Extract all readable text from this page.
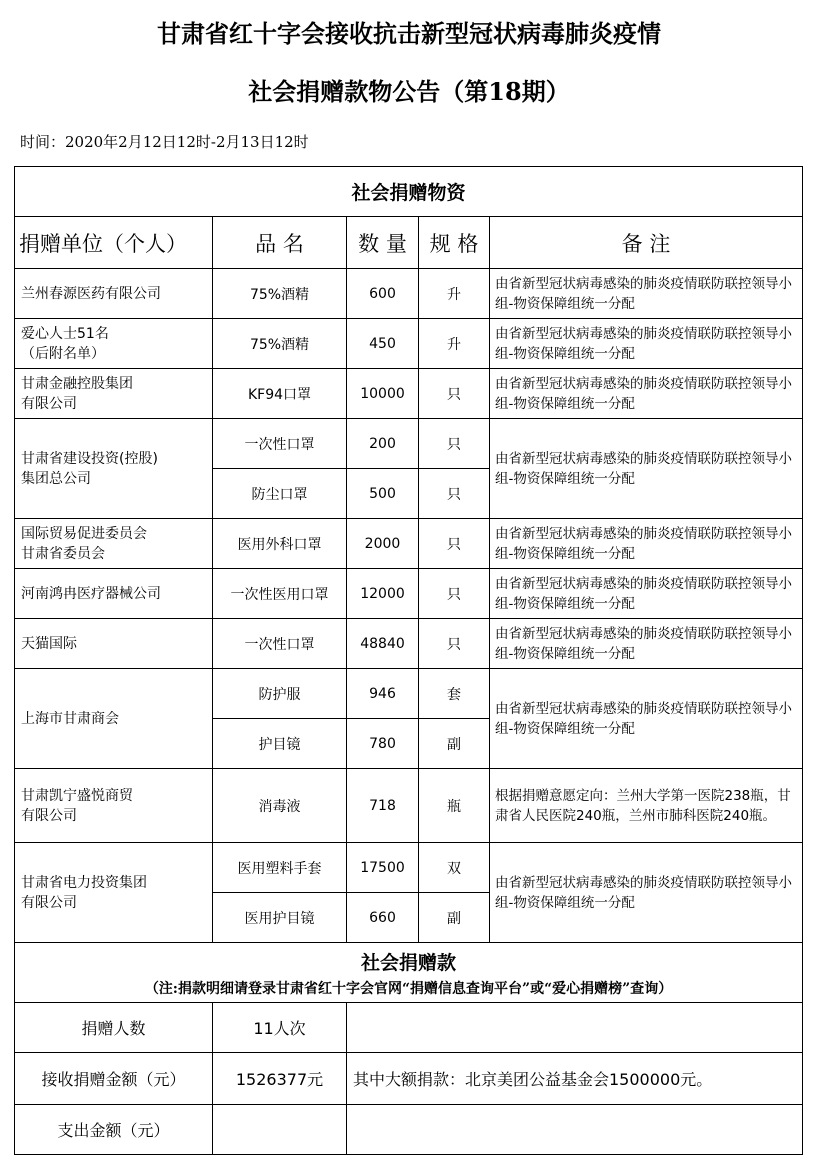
甘肃省红十字会接收抗击新型冠状病毒肺炎疫情
社会捐赠款物公告（第18期）
时间：2020年2月12日12时-2月13日12时
社会捐赠物资				
捐赠单位（个人）	品 名	数 量	规 格	备 注
兰州春源医药有限公司	75%酒精	600	升	由省新型冠状病毒感染的肺炎疫情联防联控领导小组-物资保障组统一分配

爱心人士51名
（后附名单）	75%酒精	450	升	由省新型冠状病毒感染的肺炎疫情联防联控领导小组-物资保障组统一分配

甘肃金融控股集团
有限公司	KF94口罩	10000	只	由省新型冠状病毒感染的肺炎疫情联防联控领导小组-物资保障组统一分配

甘肃省建设投资(控股)
集团总公司	一次性口罩	200	只	由省新型冠状病毒感染的肺炎疫情联防联控领导小组-物资保障组统一分配
	防尘口罩	500	只	

国际贸易促进委员会
甘肃省委员会	医用外科口罩	2000	只	由省新型冠状病毒感染的肺炎疫情联防联控领导小组-物资保障组统一分配
河南鸿冉医疗器械公司	一次性医用口罩	12000	只	由省新型冠状病毒感染的肺炎疫情联防联控领导小组-物资保障组统一分配
天猫国际	一次性口罩	48840	只	由省新型冠状病毒感染的肺炎疫情联防联控领导小组-物资保障组统一分配
上海市甘肃商会	防护服	946	套	由省新型冠状病毒感染的肺炎疫情联防联控领导小组-物资保障组统一分配
	护目镜	780	副	

甘肃凯宁盛悦商贸
有限公司	消毒液	718	瓶	根据捐赠意愿定向：兰州大学第一医院238瓶，甘肃省人民医院240瓶，兰州市肺科医院240瓶。

甘肃省电力投资集团
有限公司	医用塑料手套	17500	双	由省新型冠状病毒感染的肺炎疫情联防联控领导小组-物资保障组统一分配
	医用护目镜	660	副	

社会捐赠款
（注:捐款明细请登录甘肃省红十字会官网“捐赠信息查询平台”或“爱心捐赠榜”查询）				

捐赠人数	11人次			
接收捐赠金额（元）	1526377元	其中大额捐款：北京美团公益基金会1500000元。		
支出金额（元）				
